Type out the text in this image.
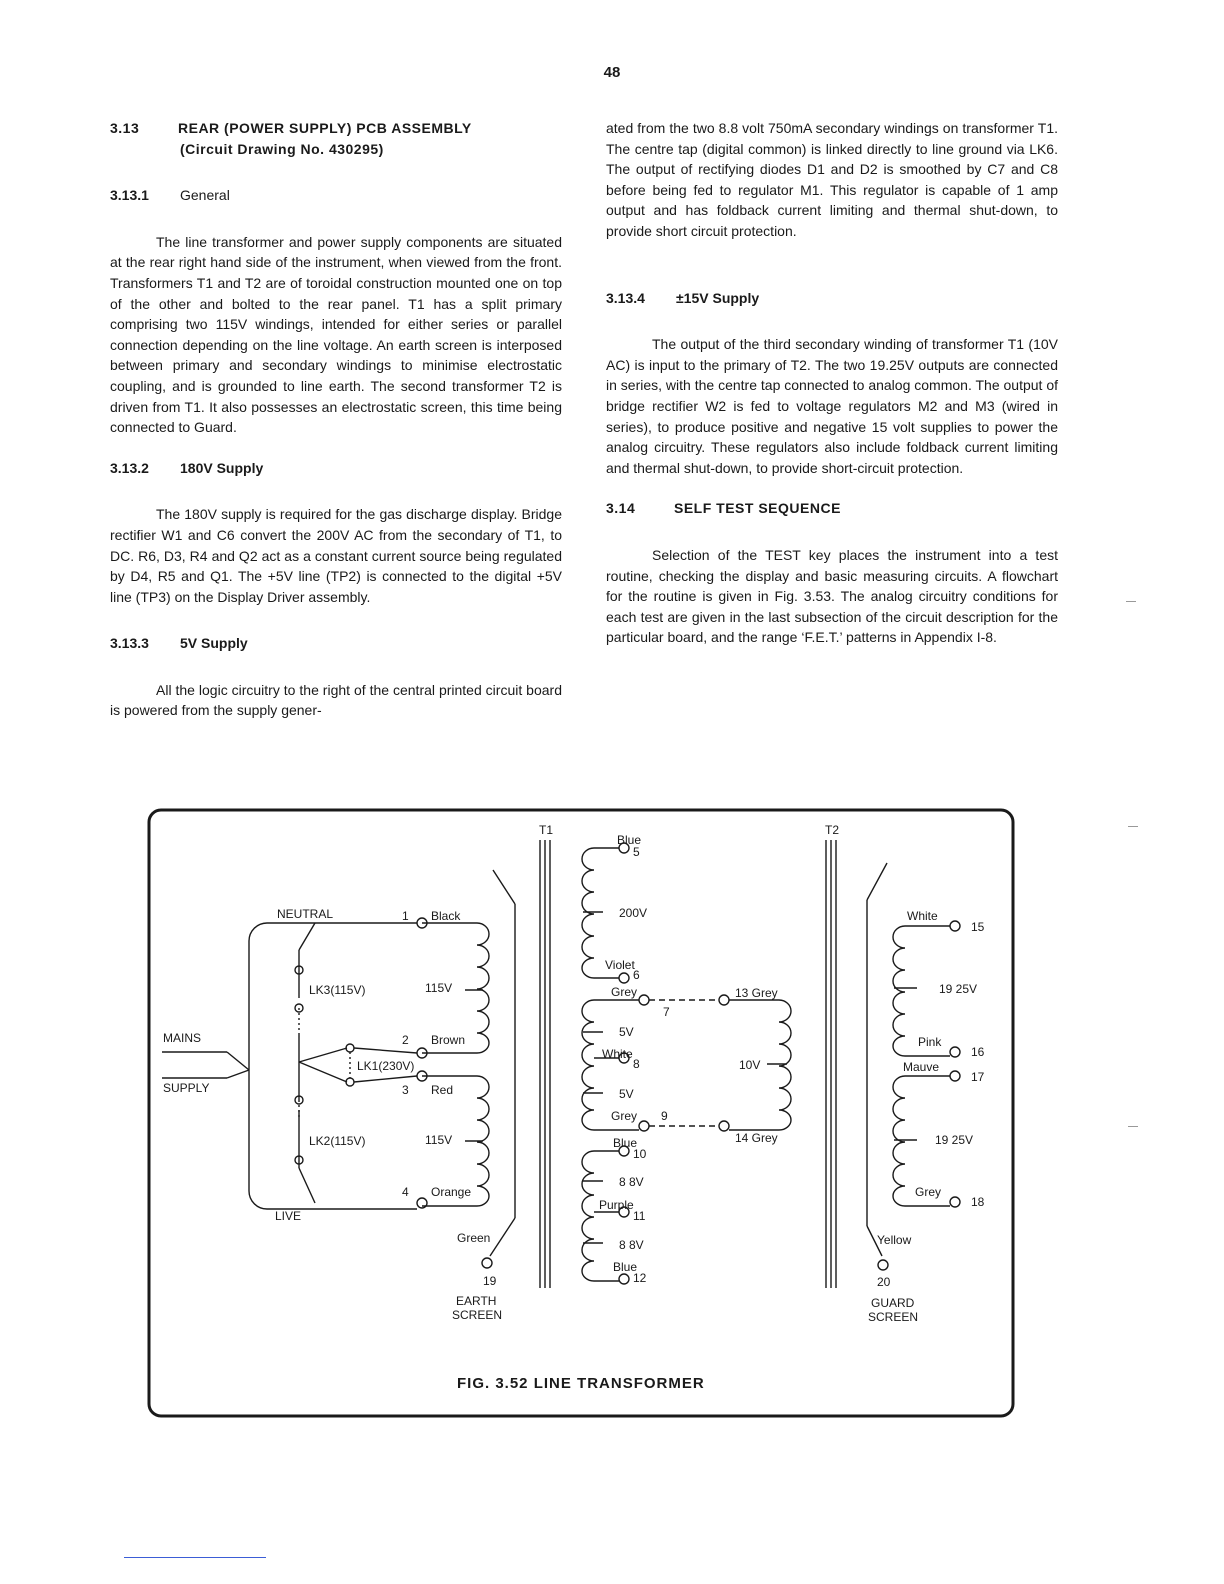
48
3.13	REAR (POWER SUPPLY) PCB ASSEMBLY
(Circuit Drawing No. 430295)
3.13.1 General

The line transformer and power supply components are situated at the rear right hand side of the instrument, when viewed from the front. Transformers T1 and T2 are of toroidal construction mounted one on top of the other and bolted to the rear panel. T1 has a split primary comprising two 115V windings, intended for either series or parallel connection depending on the line voltage. An earth screen is interposed between primary and secondary windings to minimise electrostatic coupling, and is grounded to line earth. The second transformer T2 is driven from T1. It also possesses an electrostatic screen, this time being connected to Guard.

3.13.2 180V Supply

The 180V supply is required for the gas discharge display. Bridge rectifier W1 and C6 convert the 200V AC from the secondary of T1, to DC. R6, D3, R4 and Q2 act as a constant current source being regulated by D4, R5 and Q1. The +5V line (TP2) is connected to the digital +5V line (TP3) on the Display Driver assembly.

3.13.3 5V Supply

All the logic circuitry to the right of the central printed circuit board is powered from the supply gener-

ated from the two 8.8 volt 750mA secondary windings on transformer T1. The centre tap (digital common) is linked directly to line ground via LK6. The output of rectifying diodes D1 and D2 is smoothed by C7 and C8 before being fed to regulator M1. This regulator is capable of 1 amp output and has foldback current limiting and thermal shut-down, to provide short circuit protection.

3.13.4 ±15V Supply

The output of the third secondary winding of transformer T1 (10V AC) is input to the primary of T2. The two 19.25V outputs are connected in series, with the centre tap connected to analog common. The output of bridge rectifier W2 is fed to voltage regulators M2 and M3 (wired in series), to produce positive and negative 15 volt supplies to power the analog circuitry. These regulators also include foldback current limiting and thermal shut-down, to provide short-circuit protection.

3.14	SELF TEST SEQUENCE

Selection of the TEST key places the instrument into a test routine, checking the display and basic measuring circuits. A flowchart for the routine is given in Fig. 3.53. The analog circuitry conditions for each test are given in the last subsection of the circuit description for the particular board, and the range ‘F.E.T.’ patterns in Appendix I-8.

T1	T2
NEUTRAL
MAINS
SUPPLY
LIVE
LK3(115V)
LK1(230V)
LK2(115V)
115V
115V
1 Black
2 Brown
3 Red
4 Orange
Green
19
EARTH
SCREEN
Blue
5
200V
Violet
6
Grey
7
5V
White
8
5V
Grey 9
Blue
10
8 8V
Purple
11
8 8V
Blue
12
13 Grey
10V
14 Grey
White
15
19 25V
Pink
16
Mauve
17
19 25V
Grey
18
Yellow
20
GUARD
SCREEN
FIG. 3.52 LINE TRANSFORMER
